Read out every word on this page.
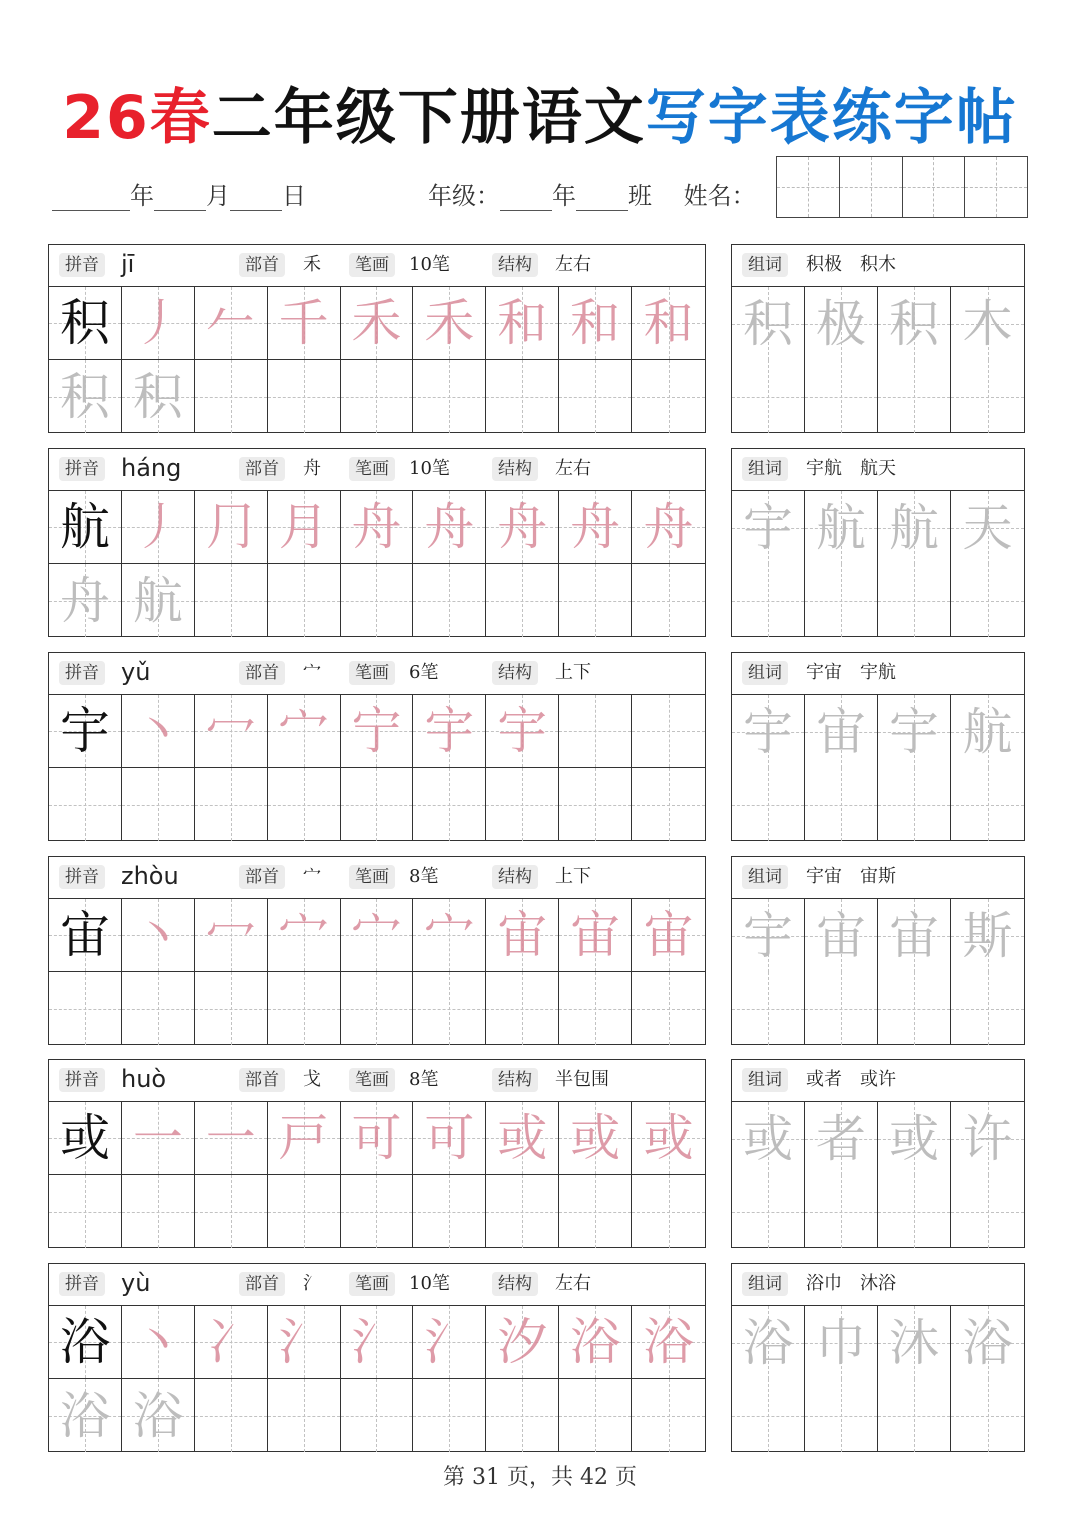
26春二年级下册语文写字表练字帖
年 月 日	年级： 年 班 姓名：
拼音 jī	部首	禾	笔画	10笔	结构	左右
积 丿 𠂉 千 禾 禾 和 和 和
积 积
组词	积极　积木
积 极 积 木
拼音 háng	部首	舟	笔画	10笔	结构	左右
航 丿 ⺆ 月 舟 舟 舟 舟 舟
舟 航
组词	宇航　航天
宇 航 航 天
拼音 yǔ	部首	宀	笔画	6笔	结构	上下
宇 丶 冖 宀 宁 宇 宇
组词	宇宙　宇航
宇 宙 宇 航
拼音 zhòu	部首	宀	笔画	8笔	结构	上下
宙 丶 冖 宀 宀 宀 宙 宙 宙
组词	宇宙　宙斯
宇 宙 宙 斯
拼音 huò	部首	戈	笔画	8笔	结构	半包围
或 一 一 戸 可 可 或 或 或
组词	或者　或许
或 者 或 许
拼音 yù	部首	氵	笔画	10笔	结构	左右
浴 丶 冫 氵 氵 氵 汐 浴 浴
浴 浴
组词	浴巾　沐浴
浴 巾 沐 浴
第 31 页，共 42 页
